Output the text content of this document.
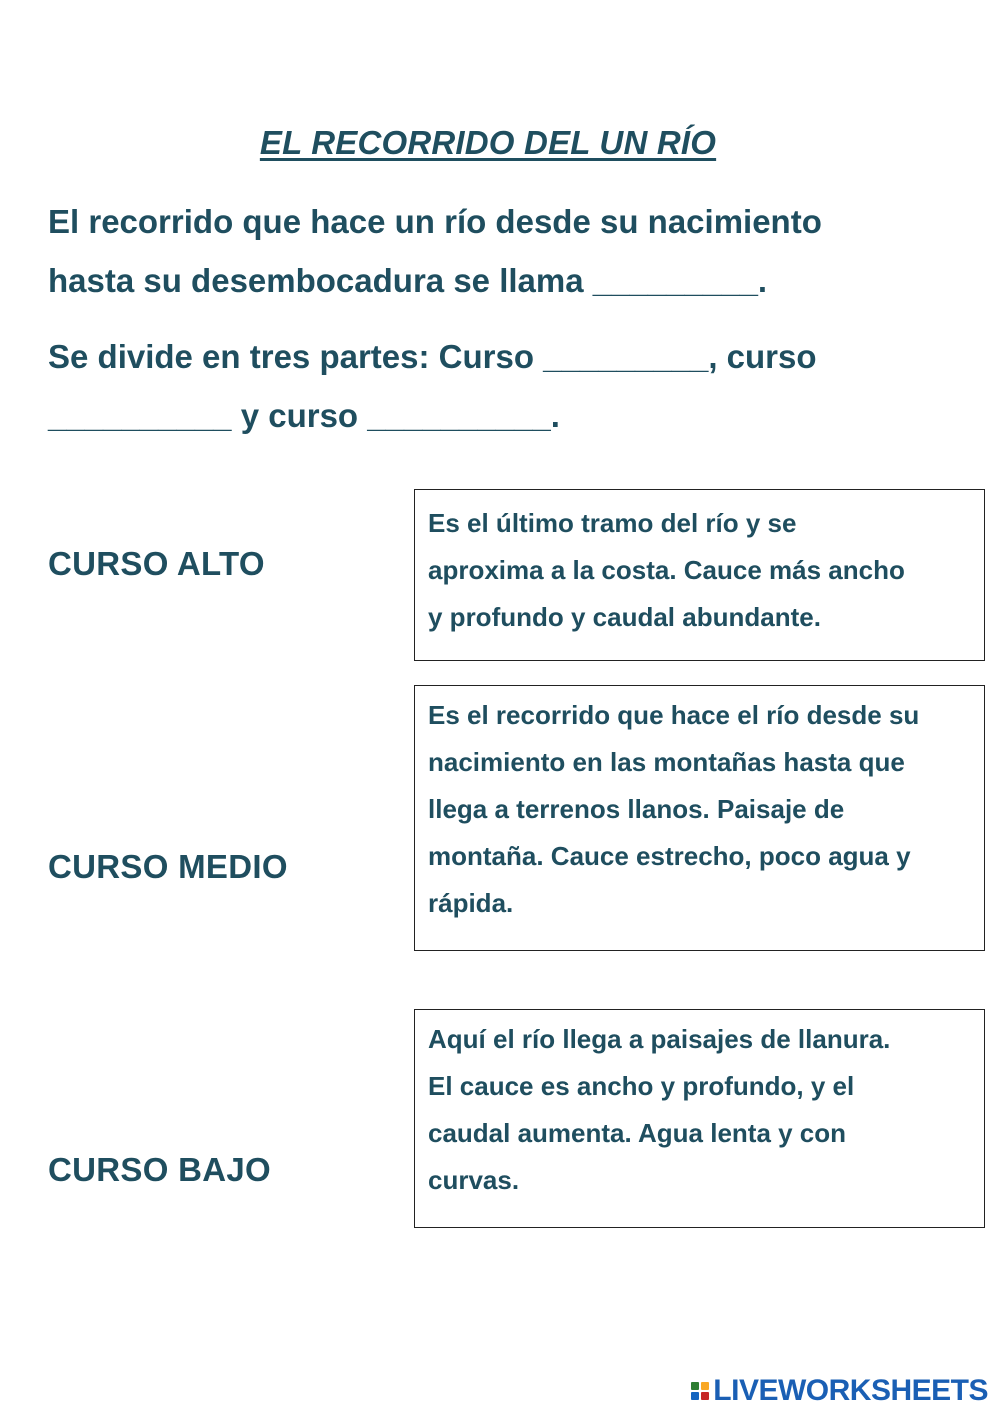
EL RECORRIDO DEL UN RÍO
El recorrido que hace un río desde su nacimiento
hasta su desembocadura se llama _________.
Se divide en tres partes: Curso _________, curso
__________ y curso __________.
CURSO ALTO
CURSO MEDIO
CURSO BAJO
Es el último tramo del río y se
aproxima a la costa. Cauce más ancho
y profundo y caudal abundante.
Es el recorrido que hace el río desde su
nacimiento en las montañas hasta que
llega a terrenos llanos. Paisaje de
montaña. Cauce estrecho, poco agua y
rápida.
Aquí el río llega a paisajes de llanura.
El cauce es ancho y profundo, y el
caudal aumenta. Agua lenta y con
curvas.
LIVEWORKSHEETS
